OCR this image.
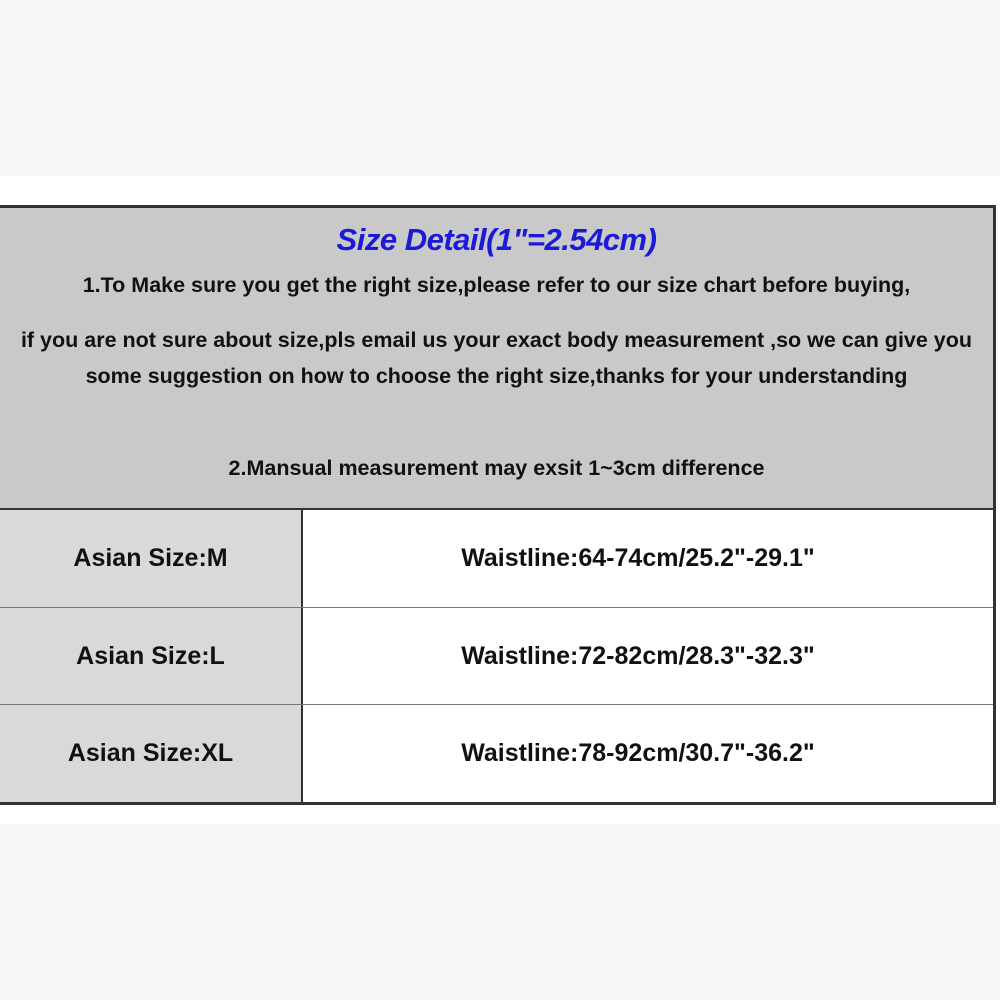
Size Detail(1"=2.54cm)
1.To Make sure you get the right size,please refer to our size chart before buying,
if you are not sure about size,pls email us your exact body measurement ,so we can give you some suggestion on how to choose the right size,thanks for your understanding
2.Mansual measurement may exsit 1~3cm difference
Asian Size:M	Waistline:64-74cm/25.2"-29.1"
Asian Size:L	Waistline:72-82cm/28.3"-32.3"
Asian Size:XL	Waistline:78-92cm/30.7"-36.2"
